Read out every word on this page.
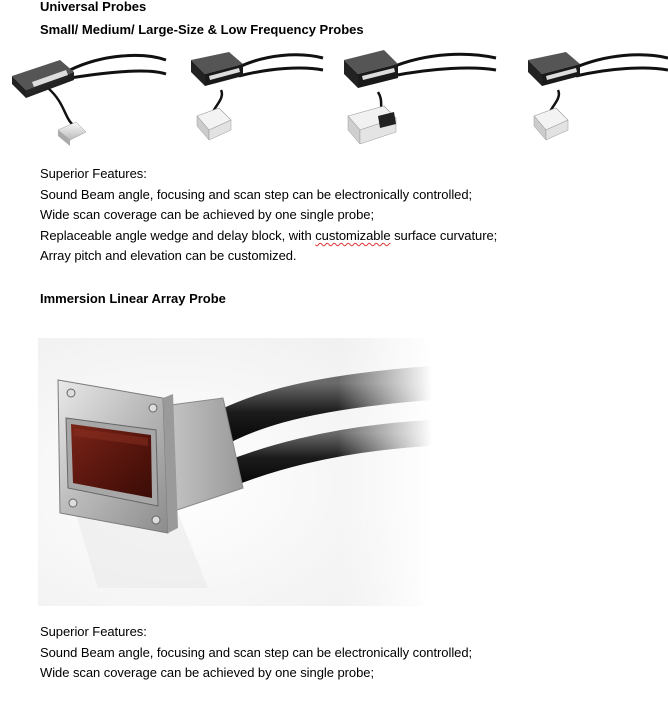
Universal Probes
Small/ Medium/ Large-Size & Low Frequency Probes
Superior Features:
Sound Beam angle, focusing and scan step can be electronically controlled;
Wide scan coverage can be achieved by one single probe;
Replaceable angle wedge and delay block, with customizable surface curvature;
Array pitch and elevation can be customized.
Immersion Linear Array Probe
Superior Features:
Sound Beam angle, focusing and scan step can be electronically controlled;
Wide scan coverage can be achieved by one single probe;
